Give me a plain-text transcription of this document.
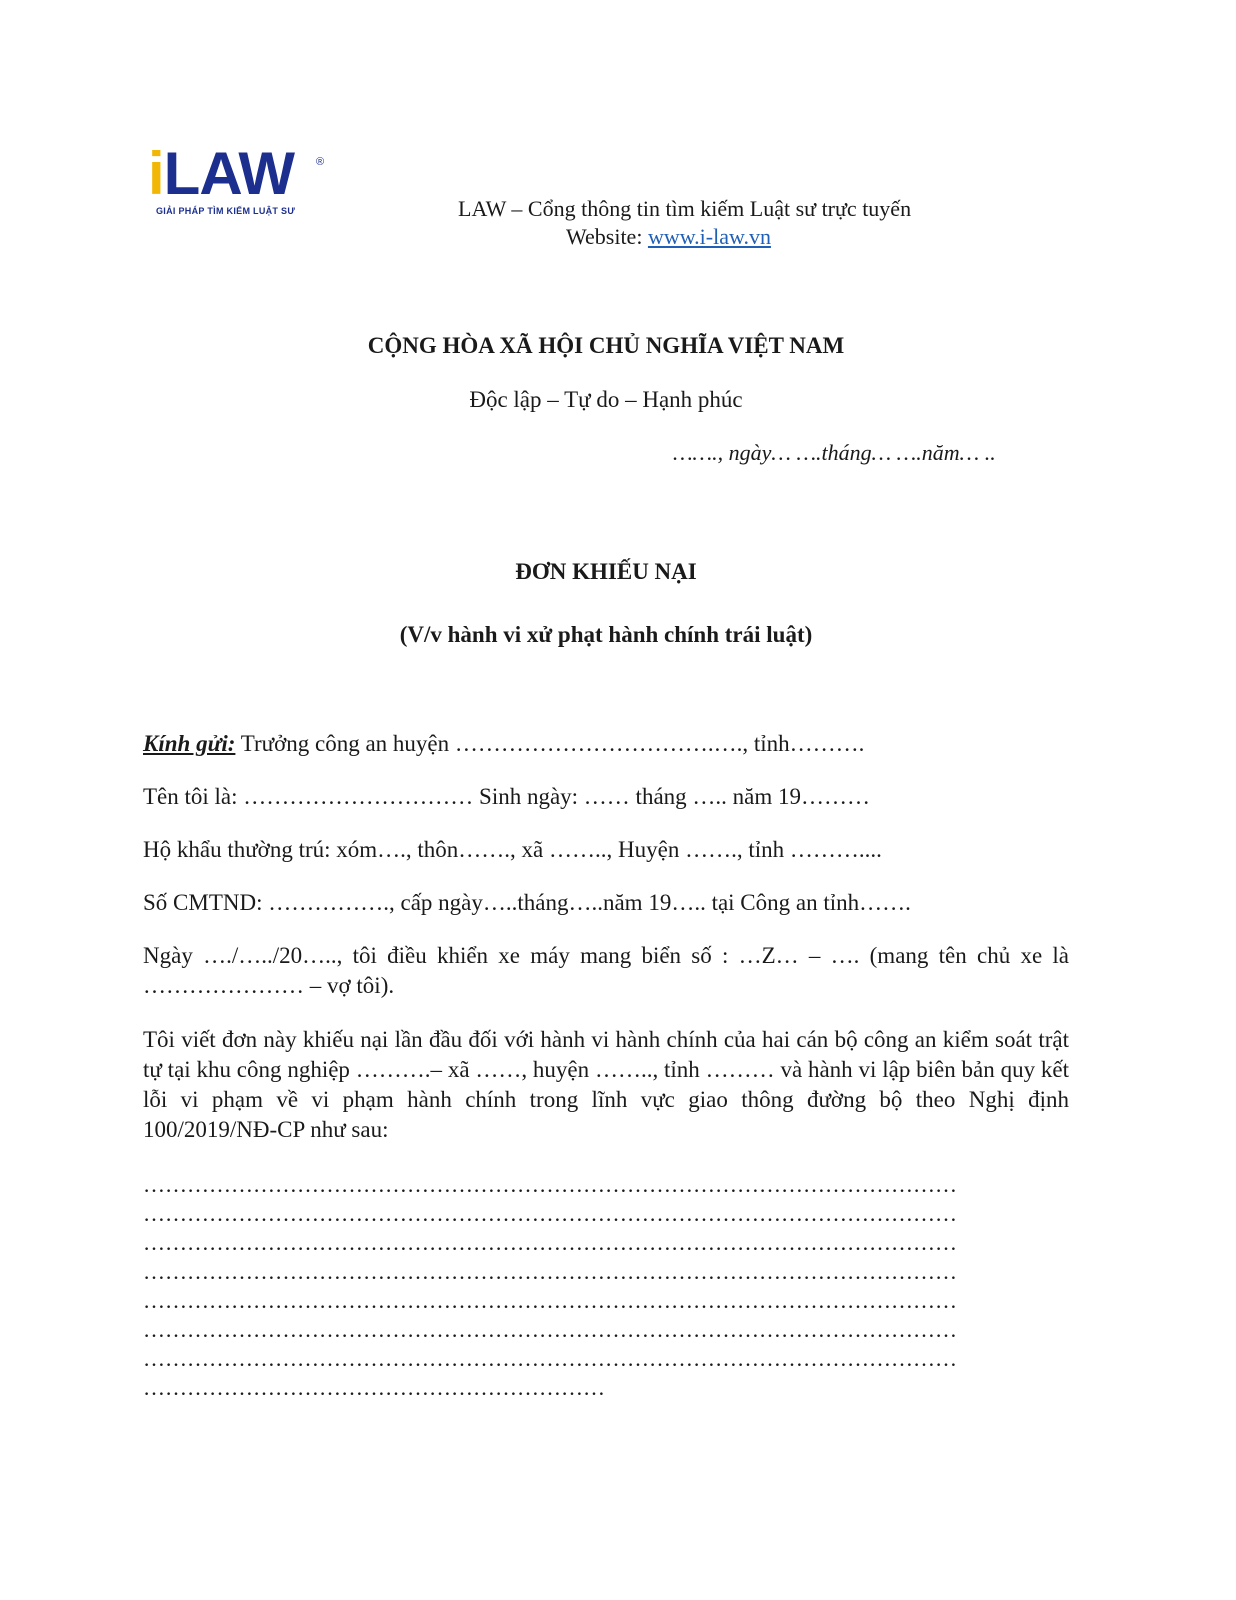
iLAW ®
GIẢI PHÁP TÌM KIẾM LUẬT SƯ	LAW – Cổng thông tin tìm kiếm Luật sư trực tuyến
Website: www.i-law.vn
CỘNG HÒA XÃ HỘI CHỦ NGHĨA VIỆT NAM
Độc lập – Tự do – Hạnh phúc
……., ngày… ….tháng… ….năm… ..
ĐƠN KHIẾU NẠI
(V/v hành vi xử phạt hành chính trái luật)
Kính gửi: Trưởng công an huyện …………………………….…., tỉnh……….
Tên tôi là: ………………………… Sinh ngày: …… tháng ….. năm 19………
Hộ khẩu thường trú: xóm…., thôn……., xã …….., Huyện ……., tỉnh ………....
Số CMTND: ……………., cấp ngày…..tháng…..năm 19….. tại Công an tỉnh…….
Ngày …./…../20….., tôi điều khiển xe máy mang biển số : …Z… – …. (mang tên chủ xe là ………………… – vợ tôi).
Tôi viết đơn này khiếu nại lần đầu đối với hành vi hành chính của hai cán bộ công an kiểm soát trật tự tại khu công nghiệp ……….– xã ……, huyện …….., tỉnh ……… và hành vi lập biên bản quy kết lỗi vi phạm về vi phạm hành chính trong lĩnh vực giao thông đường bộ theo Nghị định 100/2019/NĐ-CP như sau:
…………………………………………………………………………………………………
…………………………………………………………………………………………………
…………………………………………………………………………………………………
…………………………………………………………………………………………………
…………………………………………………………………………………………………
…………………………………………………………………………………………………
…………………………………………………………………………………………………
………………………………………………………
